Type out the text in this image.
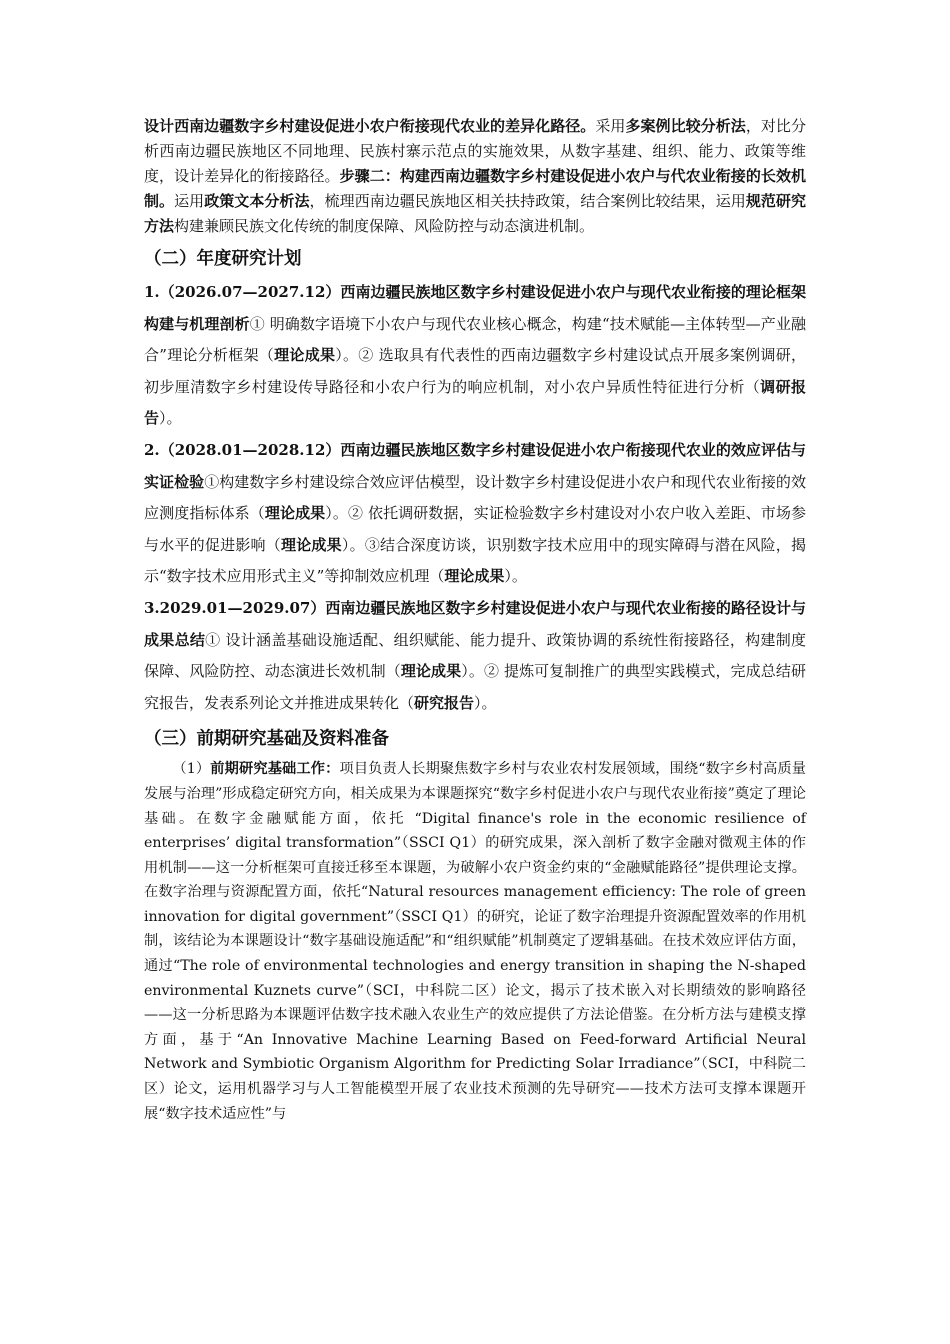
设计西南边疆数字乡村建设促进小农户衔接现代农业的差异化路径。采用多案例比较分析法，对比分析西南边疆民族地区不同地理、民族村寨示范点的实施效果，从数字基建、组织、能力、政策等维度，设计差异化的衔接路径。步骤二：构建西南边疆数字乡村建设促进小农户与代农业衔接的长效机制。运用政策文本分析法，梳理西南边疆民族地区相关扶持政策，结合案例比较结果，运用规范研究方法构建兼顾民族文化传统的制度保障、风险防控与动态演进机制。

（二）年度研究计划

1.（2026.07—2027.12）西南边疆民族地区数字乡村建设促进小农户与现代农业衔接的理论框架构建与机理剖析① 明确数字语境下小农户与现代农业核心概念，构建“技术赋能—主体转型—产业融合”理论分析框架（理论成果）。② 选取具有代表性的西南边疆数字乡村建设试点开展多案例调研，初步厘清数字乡村建设传导路径和小农户行为的响应机制，对小农户异质性特征进行分析（调研报告）。

2.（2028.01—2028.12）西南边疆民族地区数字乡村建设促进小农户衔接现代农业的效应评估与实证检验①构建数字乡村建设综合效应评估模型，设计数字乡村建设促进小农户和现代农业衔接的效应测度指标体系（理论成果）。② 依托调研数据，实证检验数字乡村建设对小农户收入差距、市场参与水平的促进影响（理论成果）。③结合深度访谈，识别数字技术应用中的现实障碍与潜在风险，揭示“数字技术应用形式主义”等抑制效应机理（理论成果）。

3.2029.01—2029.07）西南边疆民族地区数字乡村建设促进小农户与现代农业衔接的路径设计与成果总结① 设计涵盖基础设施适配、组织赋能、能力提升、政策协调的系统性衔接路径，构建制度保障、风险防控、动态演进长效机制（理论成果）。② 提炼可复制推广的典型实践模式，完成总结研究报告，发表系列论文并推进成果转化（研究报告）。

（三）前期研究基础及资料准备

（1）前期研究基础工作：项目负责人长期聚焦数字乡村与农业农村发展领域，围绕“数字乡村高质量发展与治理”形成稳定研究方向，相关成果为本课题探究“数字乡村促进小农户与现代农业衔接”奠定了理论基础。在数字金融赋能方面，依托 “Digital finance's role in the economic resilience of enterprises’ digital transformation”（SSCI Q1）的研究成果，深入剖析了数字金融对微观主体的作用机制——这一分析框架可直接迁移至本课题，为破解小农户资金约束的“金融赋能路径”提供理论支撑。在数字治理与资源配置方面，依托“Natural resources management efficiency: The role of green innovation for digital government”（SSCI Q1）的研究，论证了数字治理提升资源配置效率的作用机制，该结论为本课题设计“数字基础设施适配”和“组织赋能”机制奠定了逻辑基础。在技术效应评估方面，通过“The role of environmental technologies and energy transition in shaping the N-shaped environmental Kuznets curve”（SCI，中科院二区）论文，揭示了技术嵌入对长期绩效的影响路径——这一分析思路为本课题评估数字技术融入农业生产的效应提供了方法论借鉴。在分析方法与建模支撑方面，基于“An Innovative Machine Learning Based on Feed-forward Artificial Neural Network and Symbiotic Organism Algorithm for Predicting Solar Irradiance”（SCI，中科院二区）论文，运用机器学习与人工智能模型开展了农业技术预测的先导研究——技术方法可支撑本课题开展“数字技术适应性”与
